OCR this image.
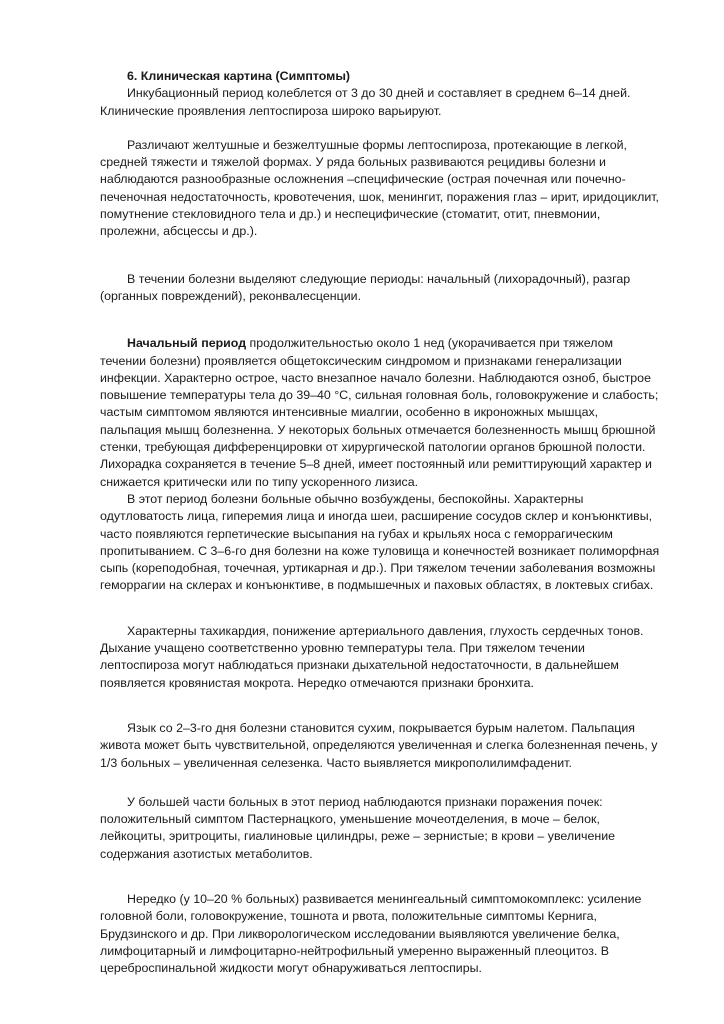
6. Клиническая картина (Симптомы)

Инкубационный период колеблется от 3 до 30 дней и составляет в среднем 6–14 дней. Клинические проявления лептоспироза широко варьируют.

Различают желтушные и безжелтушные формы лептоспироза, протекающие в легкой, средней тяжести и тяжелой формах. У ряда больных развиваются рецидивы болезни и наблюдаются разнообразные осложнения –специфические (острая почечная или почечно-печеночная недостаточность, кровотечения, шок, менингит, поражения глаз – ирит, иридоциклит, помутнение стекловидного тела и др.) и неспецифические (стоматит, отит, пневмонии, пролежни, абсцессы и др.).

В течении болезни выделяют следующие периоды: начальный (лихорадочный), разгар (органных повреждений), реконвалесценции.

Начальный период продолжительностью около 1 нед (укорачивается при тяжелом течении болезни) проявляется общетоксическим синдромом и признаками генерализации инфекции. Характерно острое, часто внезапное начало болезни. Наблюдаются озноб, быстрое повышение температуры тела до 39–40 °C, сильная головная боль, головокружение и слабость; частым симптомом являются интенсивные миалгии, особенно в икроножных мышцах, пальпация мышц болезненна. У некоторых больных отмечается болезненность мышц брюшной стенки, требующая дифференцировки от хирургической патологии органов брюшной полости. Лихорадка сохраняется в течение 5–8 дней, имеет постоянный или ремиттирующий характер и снижается критически или по типу ускоренного лизиса.

В этот период болезни больные обычно возбуждены, беспокойны. Характерны одутловатость лица, гиперемия лица и иногда шеи, расширение сосудов склер и конъюнктивы, часто появляются герпетические высыпания на губах и крыльях носа с геморрагическим пропитыванием. С 3–6-го дня болезни на коже туловища и конечностей возникает полиморфная сыпь (кореподобная, точечная, уртикарная и др.). При тяжелом течении заболевания возможны геморрагии на склерах и конъюнктиве, в подмышечных и паховых областях, в локтевых сгибах.

Характерны тахикардия, понижение артериального давления, глухость сердечных тонов. Дыхание учащено соответственно уровню температуры тела. При тяжелом течении лептоспироза могут наблюдаться признаки дыхательной недостаточности, в дальнейшем появляется кровянистая мокрота. Нередко отмечаются признаки бронхита.

Язык со 2–3-го дня болезни становится сухим, покрывается бурым налетом. Пальпация живота может быть чувствительной, определяются увеличенная и слегка болезненная печень, у 1/3 больных – увеличенная селезенка. Часто выявляется микрополилимфаденит.

У большей части больных в этот период наблюдаются признаки поражения почек: положительный симптом Пастернацкого, уменьшение мочеотделения, в моче – белок, лейкоциты, эритроциты, гиалиновые цилиндры, реже – зернистые; в крови – увеличение содержания азотистых метаболитов.

Нередко (у 10–20 % больных) развивается менингеальный симптомокомплекс: усиление головной боли, головокружение, тошнота и рвота, положительные симптомы Кернига, Брудзинского и др. При ликворологическом исследовании выявляются увеличение белка, лимфоцитарный и лимфоцитарно-нейтрофильный умеренно выраженный плеоцитоз. В цереброспинальной жидкости могут обнаруживаться лептоспиры.
